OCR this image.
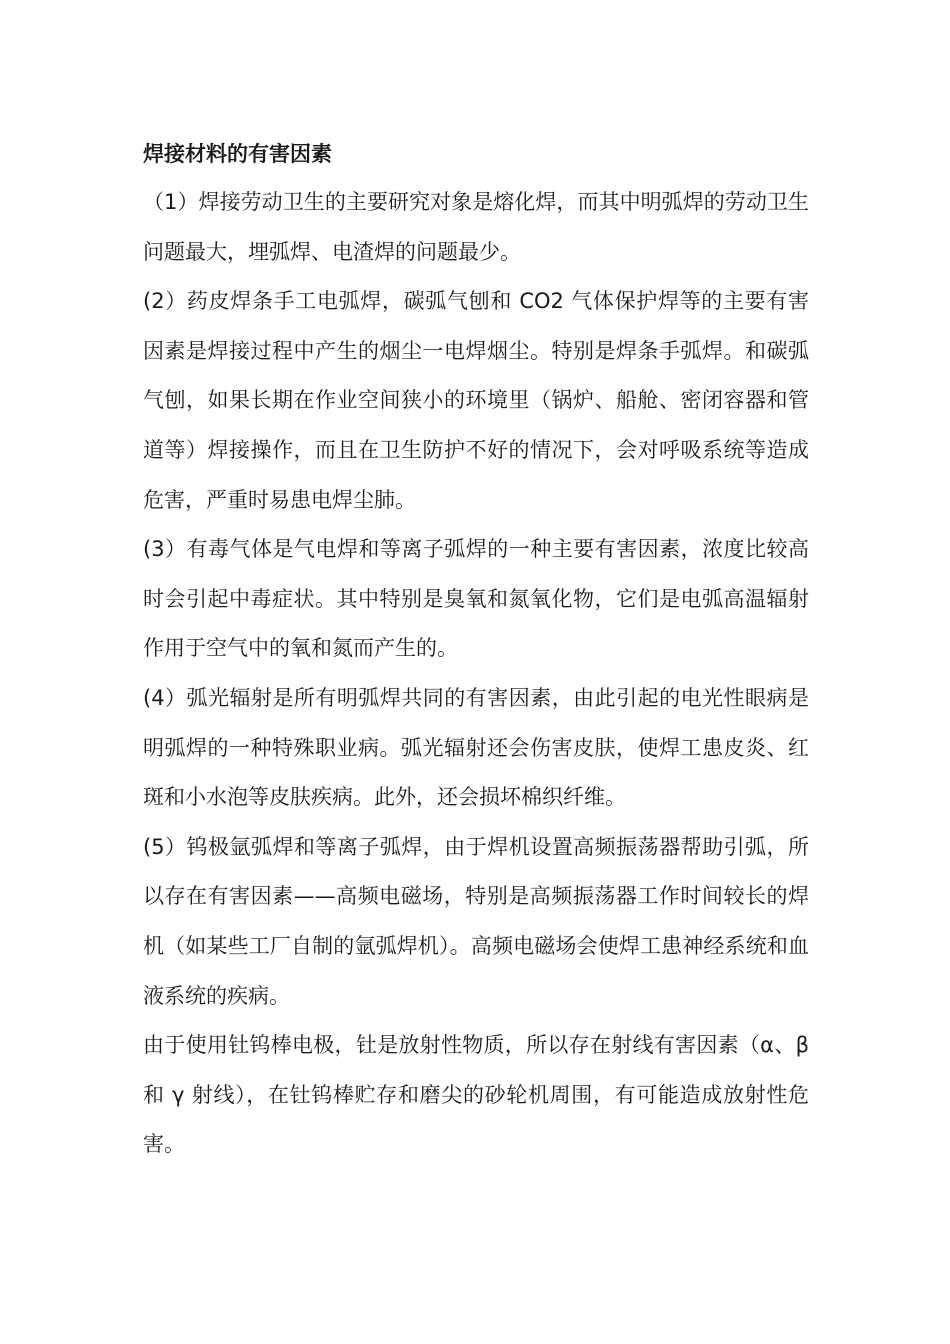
焊接材料的有害因素

（1）焊接劳动卫生的主要研究对象是熔化焊，而其中明弧焊的劳动卫生问题最大，埋弧焊、电渣焊的问题最少。

(2）药皮焊条手工电弧焊，碳弧气刨和 CO2 气体保护焊等的主要有害因素是焊接过程中产生的烟尘一电焊烟尘。特别是焊条手弧焊。和碳弧气刨，如果长期在作业空间狭小的环境里（锅炉、船舱、密闭容器和管道等）焊接操作，而且在卫生防护不好的情况下，会对呼吸系统等造成危害，严重时易患电焊尘肺。

(3）有毒气体是气电焊和等离子弧焊的一种主要有害因素，浓度比较高时会引起中毒症状。其中特别是臭氧和氮氧化物，它们是电弧高温辐射作用于空气中的氧和氮而产生的。

(4）弧光辐射是所有明弧焊共同的有害因素，由此引起的电光性眼病是明弧焊的一种特殊职业病。弧光辐射还会伤害皮肤，使焊工患皮炎、红斑和小水泡等皮肤疾病。此外，还会损坏棉织纤维。

(5）钨极氩弧焊和等离子弧焊，由于焊机设置高频振荡器帮助引弧，所以存在有害因素——高频电磁场，特别是高频振荡器工作时间较长的焊机（如某些工厂自制的氩弧焊机）。高频电磁场会使焊工患神经系统和血液系统的疾病。

由于使用钍钨棒电极，钍是放射性物质，所以存在射线有害因素（α、β 和 γ 射线），在钍钨棒贮存和磨尖的砂轮机周围，有可能造成放射性危害。
